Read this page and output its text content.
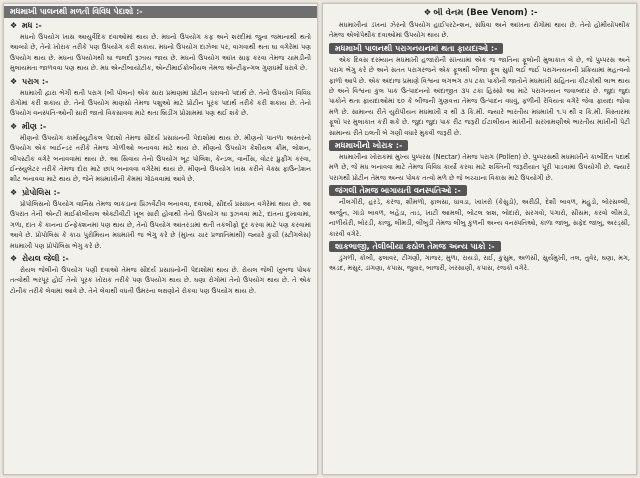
મધમાખી પાલનથી મળતી વિવિધ પેદાશો :-
❖ મધ :-

મધનો ઉપયોગ ખાસ આયુર્વેદિક દવાઓમાં થાય છે. મધનો ઉપયોગ કફ અને શરદીમાં જુના જમાનાથી થતો આવ્યો છે, તેનો ખોરાક તરીકે પણ ઉપયોગ કરી શકાય. મધનો ઉપયોગ દાઝેલા પર, વાગવાથી થતા ઘા વગેરેમાં પણ ઉપયોગ થાય છે. મધના ઉપયોગથી ઘા જલદી રૂઝાય જાય છે. મધનો ઉપયોગ આંખ સાફ કરવા તેમજ ચામડીની મુલાયમતા જાળવવા પણ થાય છે. મધ એન્ટીબાયોટીક, એન્ટીમાઈક્રોબીયલ તેમજ એન્ટીફન્ગલ ગુણધર્મો ધરાવે છે.

❖ પરાગ :-

મધમાખી દ્વારા ભેગી થતી પરાગ (બી પોલન) એક સારા પ્રમાણમાં પ્રોટીન ધરાવતો પદાર્થ છે. તેનો ઉપયોગ વિવિધ રોગોમાં કરી શકાય છે. તેનો ઉપયોગ માણસો તેમજ પશુઓ માટે પ્રોટીન પૂરક પદાર્થ તરીકે કરી શકાય છે. તેનો ઉપયોગ વનસ્પતિ-ઓની સારી જાતો વિકસાવવા માટે થતા બ્રિડીંગ પ્રોગ્રામમાં પણ થઈ શકે છે.

❖ મીણ :-

મીણનો ઉપયોગ કાર્માસ્યુટીકલ પેદાશો તેમજ સૌંદર્ય પ્રસાધનની પેદાશોમાં થાય છે. મીણનો પાતળા અસ્તરનો ઉપયોગ એક બાઈન્ડર તરીકે તેમજ ગોળીઓ બનાવવા માટે થાય છે. મીણનો ઉપયોગ કેશીયલ ક્રીમ, લોશન, લીપસ્ટીક વગેરે બનાવવામાં થાય છે. આ સિવાય તેનો ઉપયોગ બૂટ પોલિશ, કેન્ડલ, વાર્નીસ, વોટર પ્રુફીંગ કરવા, ઈન્સ્યુલેટર તરીકે તેમજ દોરા માટે છાપ બનાવવા વગેરેમાં થાય છે. મીણનો ઉપયોગ ખાસ કરીને વેક્સ ફાઉન્ડેશન શીટ બનાવવા માટે થાય છે, જેને મધમાખીની કેમમાં ગોઠવવામાં આવે છે.

❖ પ્રોપોલિસ :-

પ્રોપોલિસનો ઉપયોગ વાર્નિસ તેમજ લાકડાના પ્રિઝર્વેટીવ બનાવવા, દવાઓ, સૌંદર્ય પ્રસાધન વગેરેમાં થાય છે. આ ઉપરાંત તેની એન્ટી માઈક્રોબીયલ એક્ટીવીટી ખૂબ સારી હોવાથી તેનો ઉપયોગ ઘા રૂઝવવા માટે, દાંતના દુખાવામાં, ગળા, દાંત કે કાનના ઈન્ફેક્શનમાં પણ થાય છે, તેનો ઉપયોગ આંતરડામાં થતી તકલીફો દૂર કરવા માટે પણ કરવામાં આવે છે. પ્રોપોલિસ કે કાચ પુરોમિયન મધમાખી જ ભેગુ કરે છે (મુખ્ય ચાર પ્રજાતિમાંથી) જ્યારે કુચી (સ્ટીંગલેસ) મધમાખી પણ પ્રોપોલિસ ભેગુ કરે છે.

❖ રોયલ જેલી :-

રોયલ જેલીનો ઉપયોગ પણી દવાઓ તેમજ સૌંદર્ય પ્રસાધનોની પેદાશોમાં થાય છે. રોયલ જેલી ખુબજ પોષક તત્વોથી ભરપૂર હોઈ તેનો પૂરક ખોરાક તરીકે પણ ઉપયોગ થાય છે. ઘણા રોગોમાં તેનો ઉપયોગ થાય છે. તે એક ટોનીક તરીકે લેવામાં આવે છે. તેને લેવાથી વધતી ઉંમરના લક્ષણોને રોકવા પણ ઉપયોગ થાય છે.

❖ બી વેનમ (Bee Venom) :-

મધમાખીનાં ડંખનાં ઝેરનો ઉપયોગ હાઈપરટેન્શન, સંધિવા અને આંખના રોગોમાં થાય છે. તેનો હોમીયોપથીક તેમજ એલોપેથીક દવાઓમાં ઉપયોગ થાય છે.

મધમાખી પાલનથી પરાગનયનમાં થતા ફાયદાઓ :-

એક દિવસ દરમ્યાન મધમાખી હજારોની સંખ્યામાં એક જ જાતિના ફૂલોની મુલાકાત લે છે, જે પુષ્પરસ અને પરાગ ભેગુ કરે છે અને સતત પરાગરજને એક ફૂલથી બીજા ફૂલ સુધી લઈ જઈ પરાગનયનની પ્રક્રિયામાં મહત્વનો ફાળો આપે છે. એક અંદાજ પ્રમાણે વિશ્વના લગભગ ૭૫ ટકા પાકોની જાતોને મધમાખી સહિતના કીટકોથી લાભ થાય છે અને વિશ્વના કુલ પાક ઉત્પાદનનો અંદાજીત ૩૫ ટકા હિસ્સો આ માટે પરાગનયન જવાબદાર છે. જુદા જુદા પાકોને થતા ફાયદાઓમાં ૬૦ કે બીજની ગુણવત્તા તેમજ ઉત્પાદન વધવું, ફળીની રેવિયતા વગેરે જેવા ફાયદા જોવા મળે છે. સામાન્ય રીતે યુરોપીયન મધમાખી ૨ થી ૩ કિ.મી. જ્યારે ભારતીય મધમાખી ૧.૫ થી ૨ કિ.મી. વિસ્તારમાં ફૂલો પર મુલાકાત કરી શકે છે. જુદા જુદા પાક રીટ જરૂરી ઈટાલીયન માખીની સરખામણીએ ભારતીય માખીની પેટી સામાન્ય રીતે ઇલતી બે ગણી વધારે મુકવી જરૂરી છે.

મધમાખીનો ખોરાક :-

મધમાખીના ખોરાકમાં મુખ્ય પુષ્પરસ (Nectar) તેમજ પરાગ (Pollen) છે. પુષ્પરસથી મધમાખીને કાર્બોદિત પદાર્થ મળે છે, જે મધ બનાવવા માટે તેમજ વિવિધ કાર્યો કરવા માટે શક્તિની જરૂરીયાત પૂરી પાડવામાં ઉપયોગી છે. જ્યારે પરાગથી પ્રોટીન તેમજ અન્ય પોષક તત્વો મળે છે જે બચ્ચાના વિકાસ માટે ઉપયોગી છે.

જંગલી તેમજ બાગાયતી વનસ્પતિઓ :-

નીલગીરી, હરડે, કરંજ, શીમળો, ફાલસા, ધાવડા, ખાખરો (કેસુડો), અરીઠી, દેશી બાવળ, મહુડો, બોરસલ્લી, અર્જુન, ગાંડો બાવળ, બહેડા, તાડ, ખાટી આમલી, બોટલ બ્રશ, બોદારો, સરગવો, પંગારો, સીસમ, કરવો લીમડો, નાળીયેરી, બોરડી, કાજુ, લીમડી, લીંબુડી તેમજ લીંબુ કુળની અન્ય વનસ્પતિઓ, કાળા જાંબુ, સફેદ જાંબુ, અરડ્સી, કારવી વગેરે.

શાકભાજી, તેલીબીયા કઠોળ તેમજ અન્ય પાકો :-

ડુંગળી, કોબી, ફ્લાવર, ટીંગણી, ગાજર, મુળા, રાયડો, રાઈ, કુસુમ, અળસી, સુર્યમુખી, તલ, તુવેર, ઘણા, મગ, અડદ, મસુર, ડાંગણા, કપાસ, જુવાર, બાજરી, ખરસાણી, કપાસ, રજકો વગેરે.
